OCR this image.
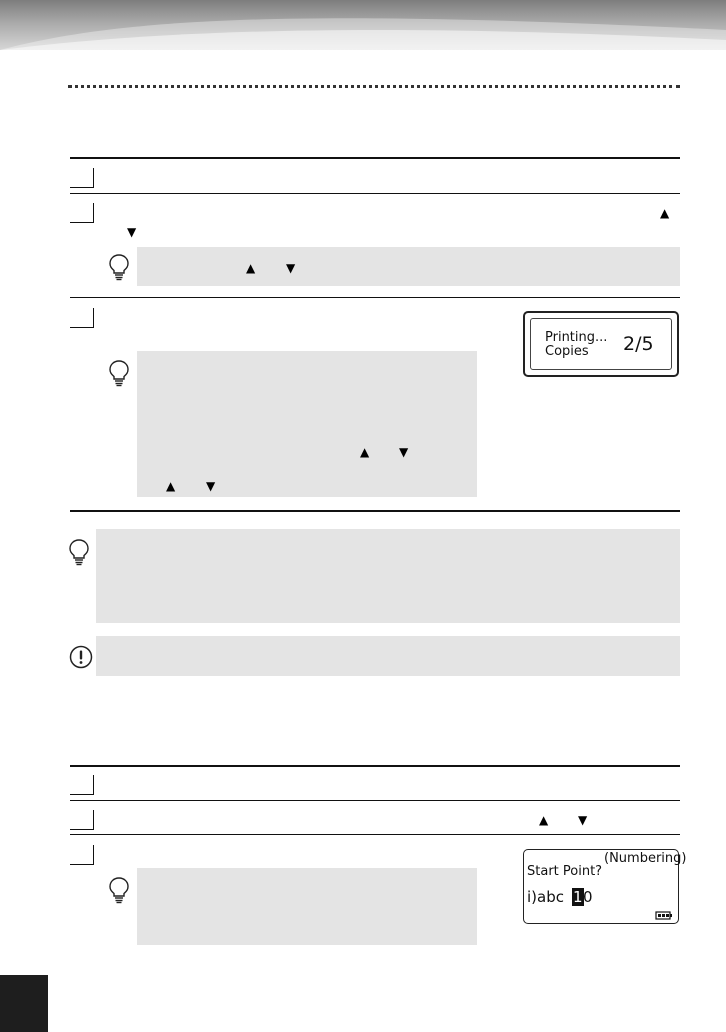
▲
▼
▲	▼
Printing...
Copies 2/5
▲ ▼
▲	▼
▲ ▼
(Numbering)
Start Point?
i)abc 1 0
